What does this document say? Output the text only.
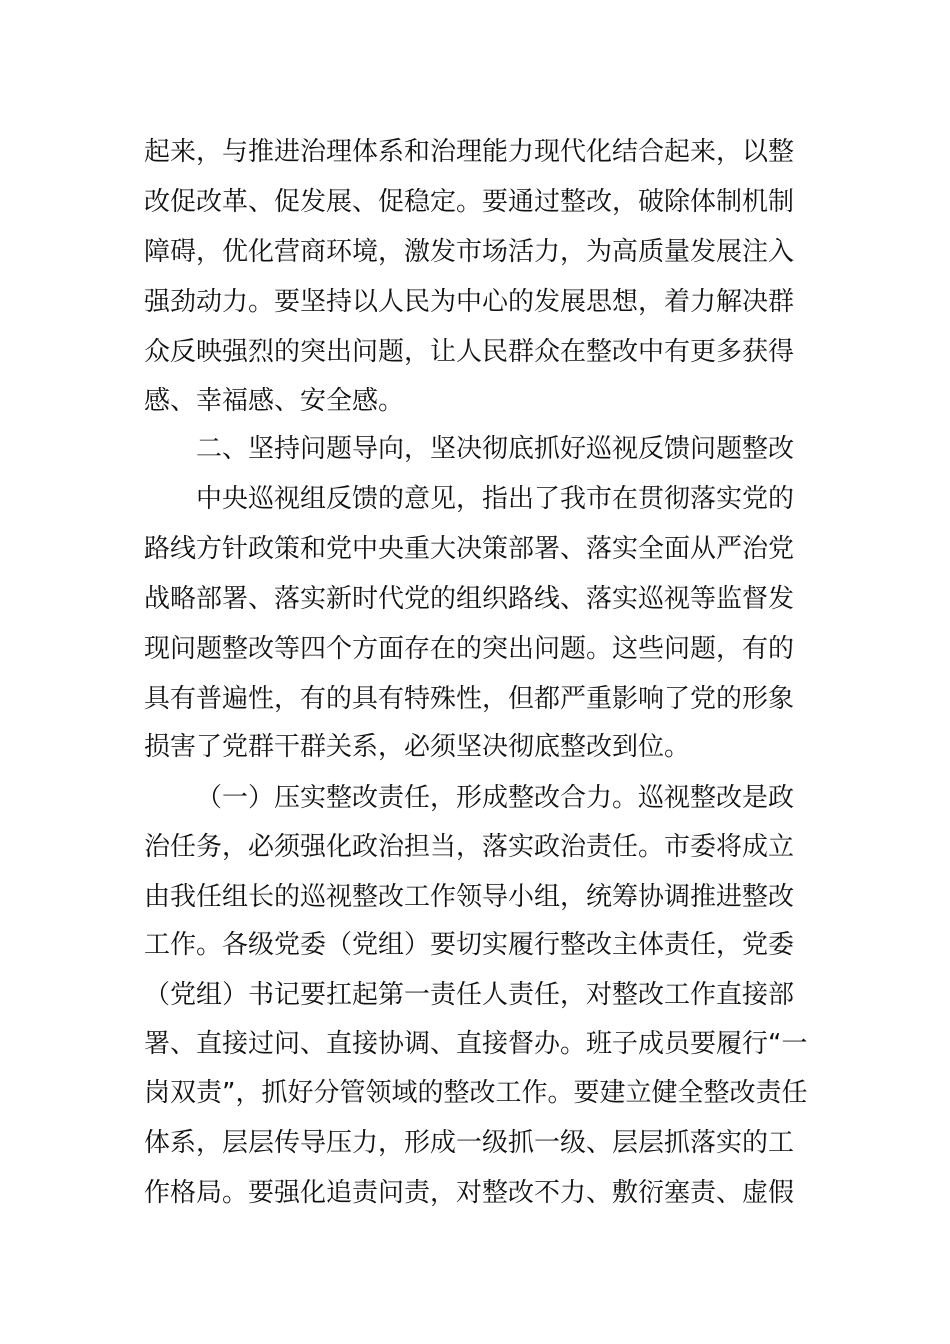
起来，与推进治理体系和治理能力现代化结合起来，以整
改促改革、促发展、促稳定。要通过整改，破除体制机制
障碍，优化营商环境，激发市场活力，为高质量发展注入
强劲动力。要坚持以人民为中心的发展思想，着力解决群
众反映强烈的突出问题，让人民群众在整改中有更多获得
感、幸福感、安全感。
二、坚持问题导向，坚决彻底抓好巡视反馈问题整改
中央巡视组反馈的意见，指出了我市在贯彻落实党的
路线方针政策和党中央重大决策部署、落实全面从严治党
战略部署、落实新时代党的组织路线、落实巡视等监督发
现问题整改等四个方面存在的突出问题。这些问题，有的
具有普遍性，有的具有特殊性，但都严重影响了党的形象
损害了党群干群关系，必须坚决彻底整改到位。
（一）压实整改责任，形成整改合力。巡视整改是政
治任务，必须强化政治担当，落实政治责任。市委将成立
由我任组长的巡视整改工作领导小组，统筹协调推进整改
工作。各级党委（党组）要切实履行整改主体责任，党委
（党组）书记要扛起第一责任人责任，对整改工作直接部
署、直接过问、直接协调、直接督办。班子成员要履行“一
岗双责”，抓好分管领域的整改工作。要建立健全整改责任
体系，层层传导压力，形成一级抓一级、层层抓落实的工
作格局。要强化追责问责，对整改不力、敷衍塞责、虚假
